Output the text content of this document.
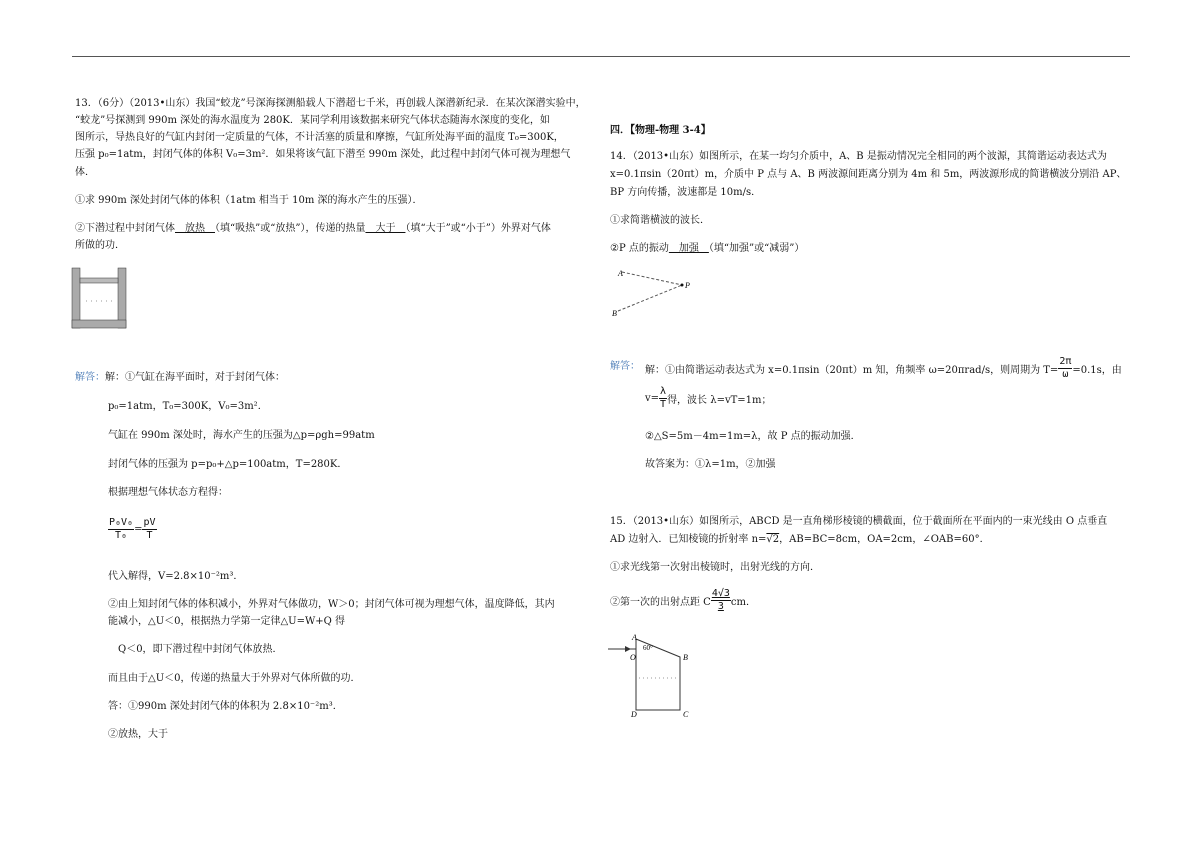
13．（6分）（2013•山东）我国“蛟龙”号深海探测船载人下潜超七千米，再创载人深潜新纪录．在某次深潜实验中，
“蛟龙”号探测到 990m 深处的海水温度为 280K．某同学利用该数据来研究气体状态随海水深度的变化，如
图所示，导热良好的气缸内封闭一定质量的气体，不计活塞的质量和摩擦，气缸所处海平面的温度 T₀=300K，
压强 p₀=1atm，封闭气体的体积 V₀=3m²．如果将该气缸下潜至 990m 深处，此过程中封闭气体可视为理想气
体．
①求 990m 深处封闭气体的体积（1atm 相当于 10m 深的海水产生的压强）．
②下潜过程中封闭气体　放热　（填“吸热”或“放热”），传递的热量　大于　（填“大于”或“小于”）外界对气体
所做的功．
解答：解：①气缸在海平面时，对于封闭气体：
p₀=1atm，T₀=300K，V₀=3m²．
气缸在 990m 深处时，海水产生的压强为△p=ρgh=99atm
封闭气体的压强为 p=p₀+△p=100atm，T=280K．
根据理想气体状态方程得：
$\frac{\text{P₀V₀}}{\text{T₀}} = \frac{pV}{T}$
代入解得，V=2.8×10⁻²m³．
②由上知封闭气体的体积减小，外界对气体做功，W＞0；封闭气体可视为理想气体，温度降低，其内
能减小，△U＜0，根据热力学第一定律△U=W+Q 得
Q＜0，即下潜过程中封闭气体放热．
而且由于△U＜0，传递的热量大于外界对气体所做的功．
答：①990m 深处封闭气体的体积为 2.8×10⁻²m³．
②放热，大于
四．【物理-物理 3-4】
14．（2013•山东）如图所示，在某一均匀介质中，A、B 是振动情况完全相同的两个波源，其简谐运动表达式为
x=0.1πsin（20πt）m，介质中 P 点与 A、B 两波源间距离分别为 4m 和 5m，两波源形成的简谐横波分别沿 AP、
BP 方向传播，波速都是 10m/s．
①求简谐横波的波长．
②P 点的振动　加强　（填“加强”或“减弱”）
A
B
P
解答： 解：①由简谐运动表达式为 x=0.1πsin（20πt）m 知，角频率 ω=20πrad/s，则周期为 $T= \frac{2\pi}{\omega} =0.1s$，由
$v= \frac{\lambda}{T}$ 得，波长 λ=vT=1m；
②△S=5m－4m=1m=λ，故 P 点的振动加强．
故答案为：①λ=1m，②加强
15．（2013•山东）如图所示，ABCD 是一直角梯形棱镜的横截面，位于截面所在平面内的一束光线由 O 点垂直
AD 边射入．已知棱镜的折射率 n=√2，AB=BC=8cm，OA=2cm，∠OAB=60°．
①求光线第一次射出棱镜时，出射光线的方向．
②第一次的出射点距 C $\frac{4√3}{3}$ cm．
A
O
60°
B
C
D
